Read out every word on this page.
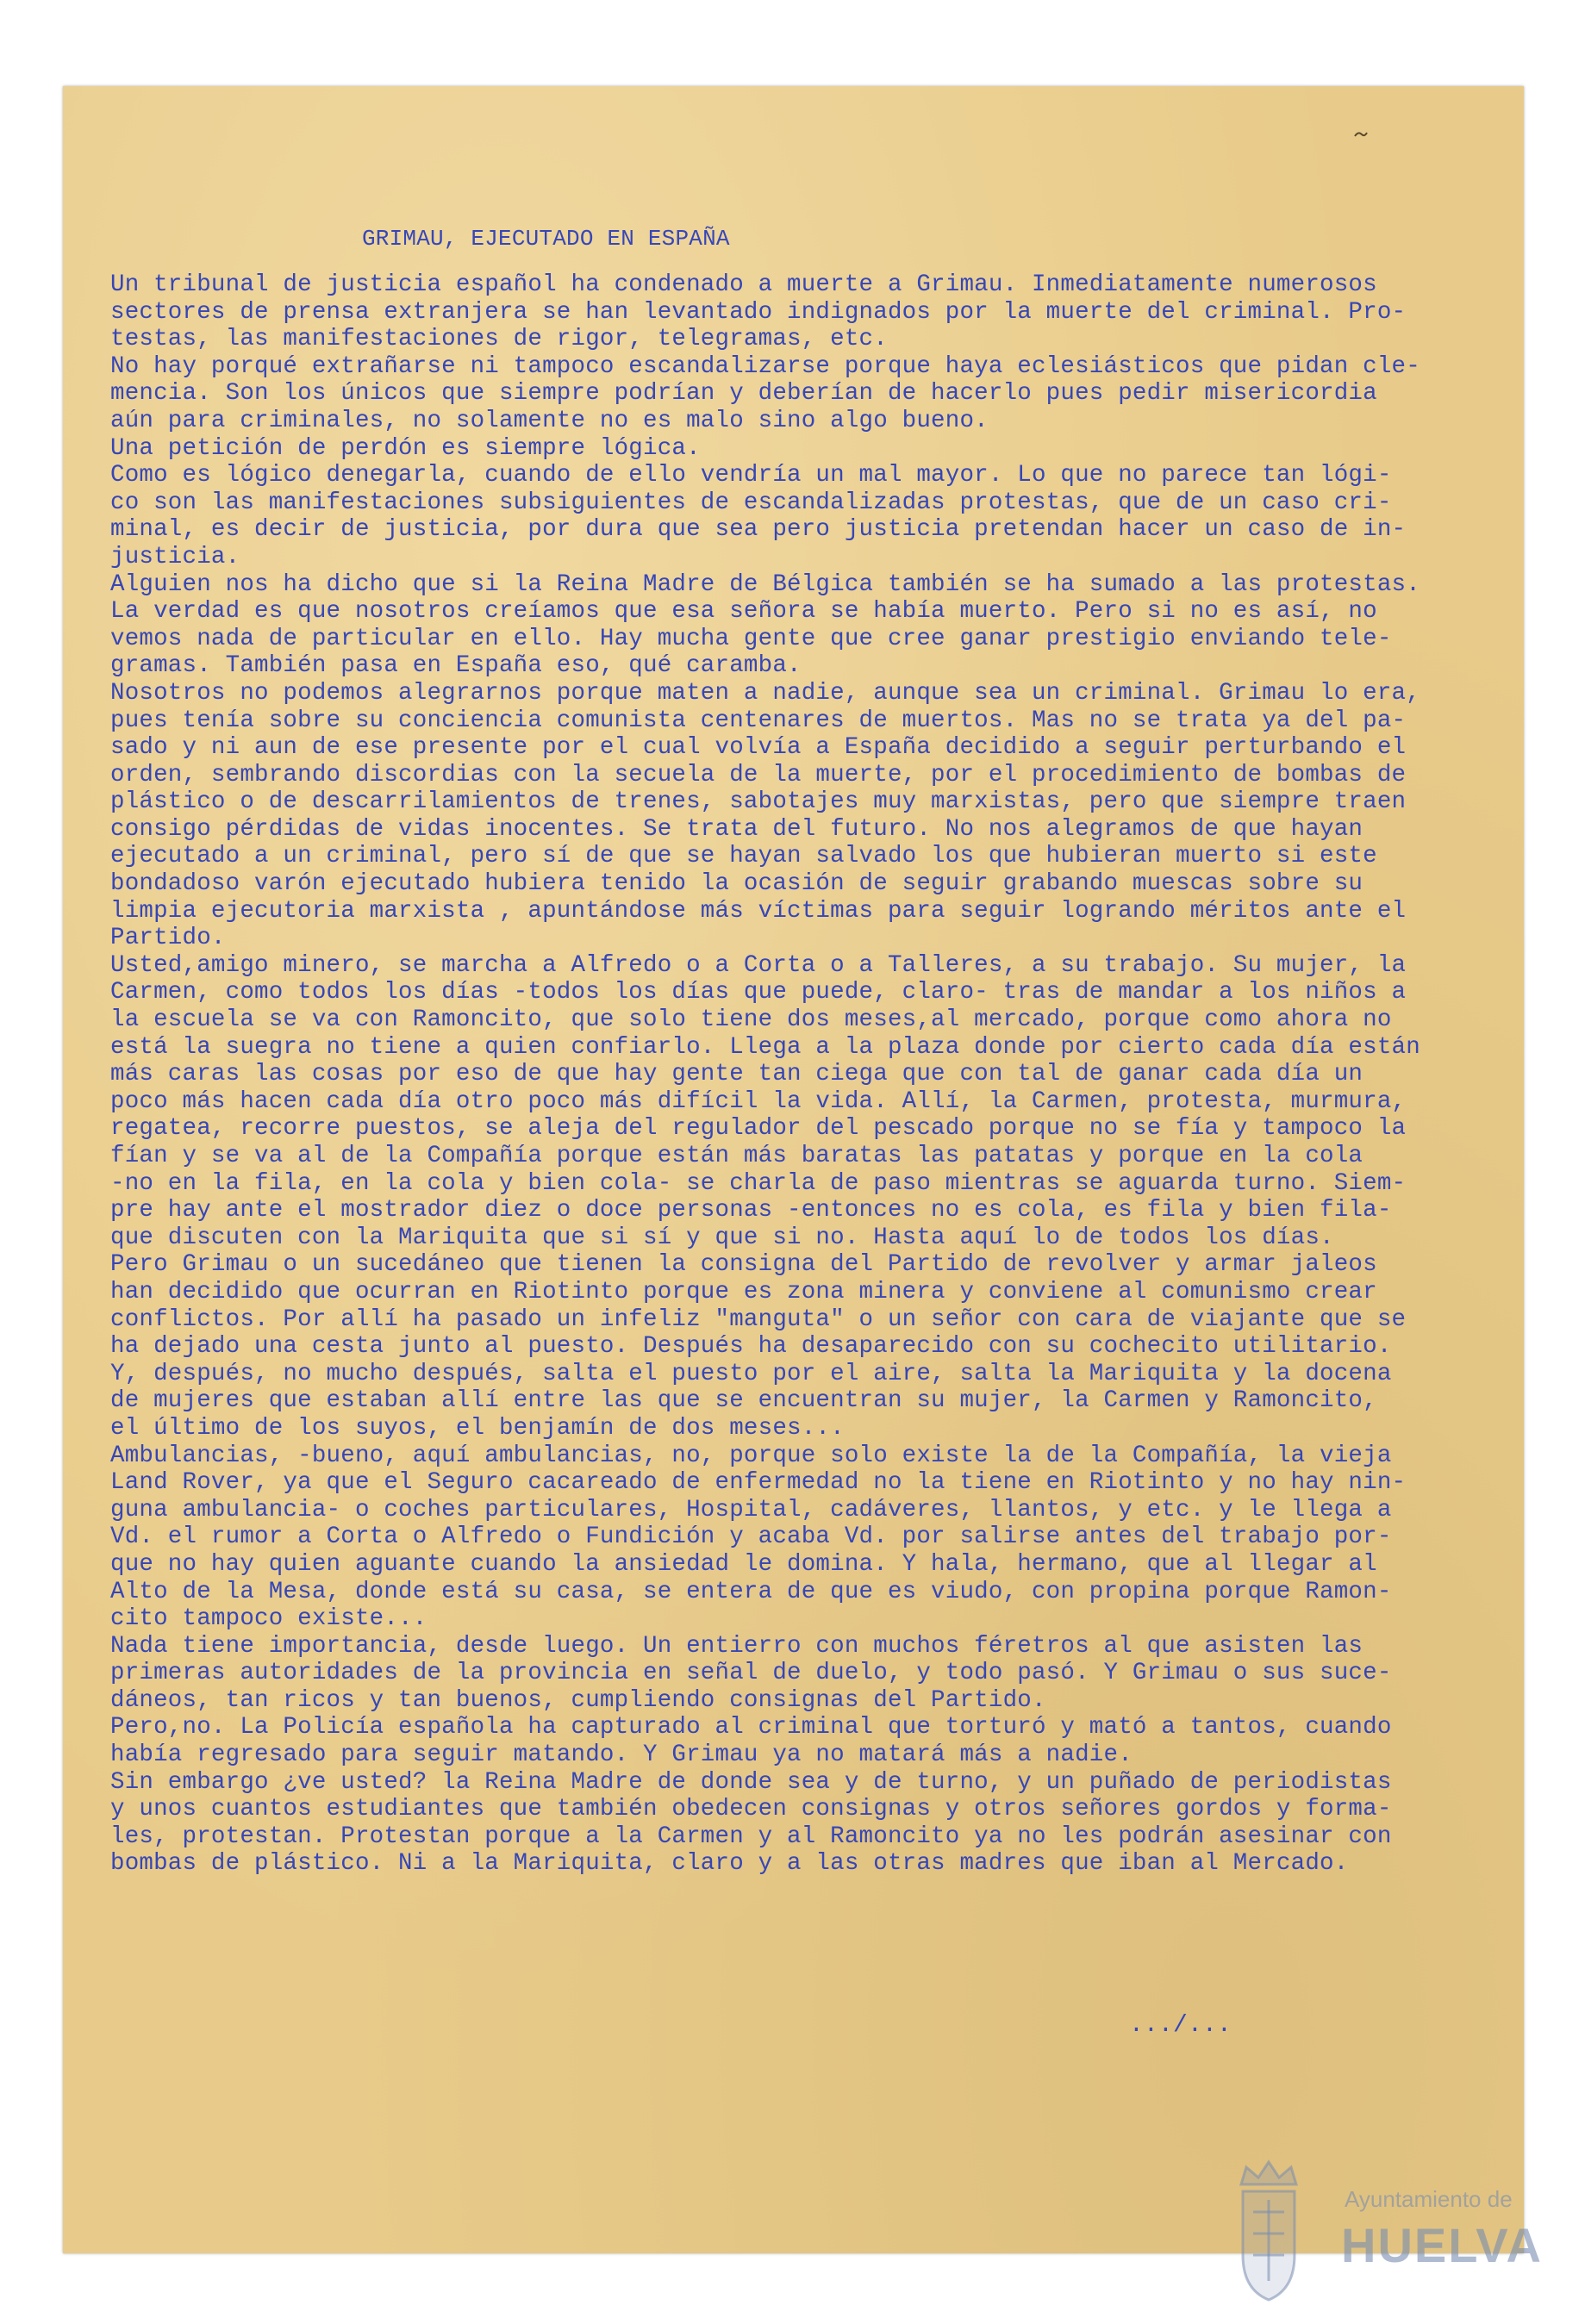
GRIMAU, EJECUTADO EN ESPAÑA
Un tribunal de justicia español ha condenado a muerte a Grimau. Inmediatamente numerosos
sectores de prensa extranjera se han levantado indignados por la muerte del criminal. Pro-
testas, las manifestaciones de rigor, telegramas, etc.
No hay porqué extrañarse ni tampoco escandalizarse porque haya eclesiásticos que pidan cle-
mencia. Son los únicos que siempre podrían y deberían de hacerlo pues pedir misericordia
aún para criminales, no solamente no es malo sino algo bueno.
Una petición de perdón es siempre lógica.
Como es lógico denegarla, cuando de ello vendría un mal mayor. Lo que no parece tan lógi-
co son las manifestaciones subsiguientes de escandalizadas protestas, que de un caso cri-
minal, es decir de justicia, por dura que sea pero justicia pretendan hacer un caso de in-
justicia.
Alguien nos ha dicho que si la Reina Madre de Bélgica también se ha sumado a las protestas.
La verdad es que nosotros creíamos que esa señora se había muerto. Pero si no es así, no
vemos nada de particular en ello. Hay mucha gente que cree ganar prestigio enviando tele-
gramas. También pasa en España eso, qué caramba.
Nosotros no podemos alegrarnos porque maten a nadie, aunque sea un criminal. Grimau lo era,
pues tenía sobre su conciencia comunista centenares de muertos. Mas no se trata ya del pa-
sado y ni aun de ese presente por el cual volvía a España decidido a seguir perturbando el
orden, sembrando discordias con la secuela de la muerte, por el procedimiento de bombas de
plástico o de descarrilamientos de trenes, sabotajes muy marxistas, pero que siempre traen
consigo pérdidas de vidas inocentes. Se trata del futuro. No nos alegramos de que hayan
ejecutado a un criminal, pero sí de que se hayan salvado los que hubieran muerto si este
bondadoso varón ejecutado hubiera tenido la ocasión de seguir grabando muescas sobre su
limpia ejecutoria marxista , apuntándose más víctimas para seguir logrando méritos ante el
Partido.
Usted,amigo minero, se marcha a Alfredo o a Corta o a Talleres, a su trabajo. Su mujer, la
Carmen, como todos los días -todos los días que puede, claro- tras de mandar a los niños a
la escuela se va con Ramoncito, que solo tiene dos meses,al mercado, porque como ahora no
está la suegra no tiene a quien confiarlo. Llega a la plaza donde por cierto cada día están
más caras las cosas por eso de que hay gente tan ciega que con tal de ganar cada día un
poco más hacen cada día otro poco más difícil la vida. Allí, la Carmen, protesta, murmura,
regatea, recorre puestos, se aleja del regulador del pescado porque no se fía y tampoco la
fían y se va al de la Compañía porque están más baratas las patatas y porque en la cola
-no en la fila, en la cola y bien cola- se charla de paso mientras se aguarda turno. Siem-
pre hay ante el mostrador diez o doce personas -entonces no es cola, es fila y bien fila-
que discuten con la Mariquita que si sí y que si no. Hasta aquí lo de todos los días.
Pero Grimau o un sucedáneo que tienen la consigna del Partido de revolver y armar jaleos
han decidido que ocurran en Riotinto porque es zona minera y conviene al comunismo crear
conflictos. Por allí ha pasado un infeliz "manguta" o un señor con cara de viajante que se
ha dejado una cesta junto al puesto. Después ha desaparecido con su cochecito utilitario.
Y, después, no mucho después, salta el puesto por el aire, salta la Mariquita y la docena
de mujeres que estaban allí entre las que se encuentran su mujer, la Carmen y Ramoncito,
el último de los suyos, el benjamín de dos meses...
Ambulancias, -bueno, aquí ambulancias, no, porque solo existe la de la Compañía, la vieja
Land Rover, ya que el Seguro cacareado de enfermedad no la tiene en Riotinto y no hay nin-
guna ambulancia- o coches particulares, Hospital, cadáveres, llantos, y etc. y le llega a
Vd. el rumor a Corta o Alfredo o Fundición y acaba Vd. por salirse antes del trabajo por-
que no hay quien aguante cuando la ansiedad le domina. Y hala, hermano, que al llegar al
Alto de la Mesa, donde está su casa, se entera de que es viudo, con propina porque Ramon-
cito tampoco existe...
Nada tiene importancia, desde luego. Un entierro con muchos féretros al que asisten las
primeras autoridades de la provincia en señal de duelo, y todo pasó. Y Grimau o sus suce-
dáneos, tan ricos y tan buenos, cumpliendo consignas del Partido.
Pero,no. La Policía española ha capturado al criminal que torturó y mató a tantos, cuando
había regresado para seguir matando. Y Grimau ya no matará más a nadie.
Sin embargo ¿ve usted? la Reina Madre de donde sea y de turno, y un puñado de periodistas
y unos cuantos estudiantes que también obedecen consignas y otros señores gordos y forma-
les, protestan. Protestan porque a la Carmen y al Ramoncito ya no les podrán asesinar con
bombas de plástico. Ni a la Mariquita, claro y a las otras madres que iban al Mercado.
.../...
Ayuntamiento de
HUELVA
